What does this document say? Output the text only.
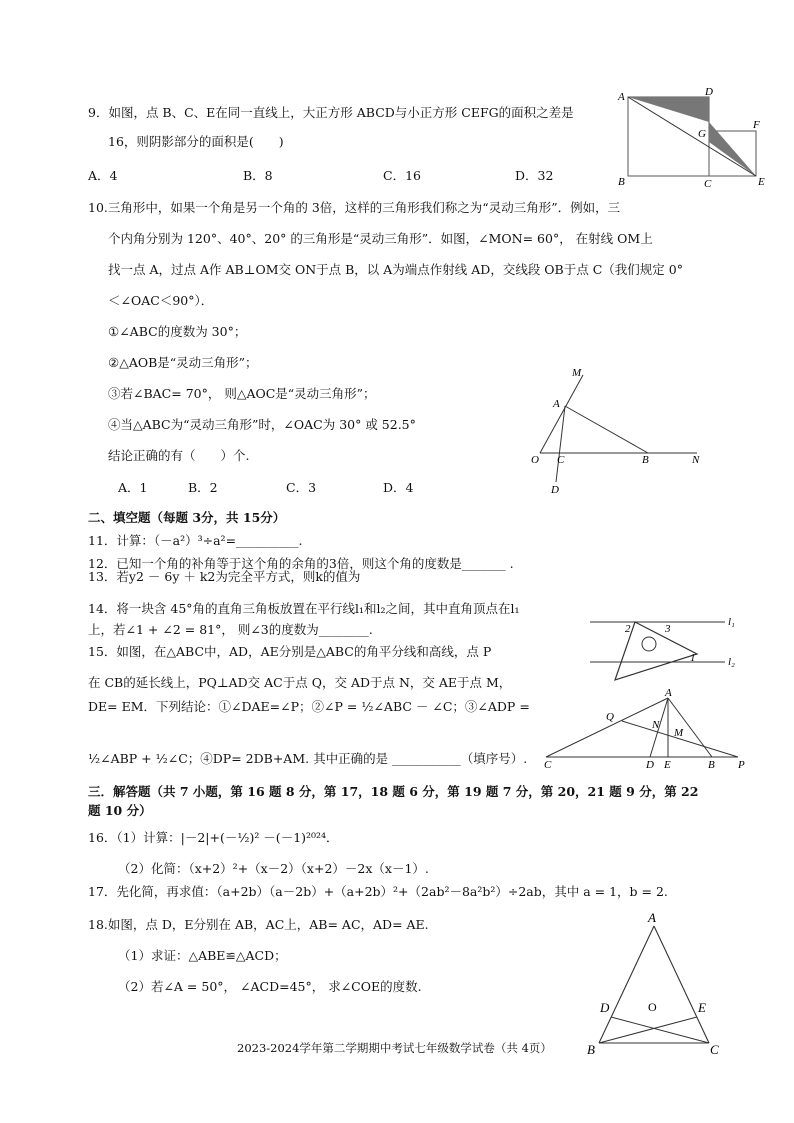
9．如图，点 B、C、E在同一直线上，大正方形 ABCD与小正方形 CEFG的面积之差是
16，则阴影部分的面积是(　　)
A．4	B．8	C．16	D．32
A	D
G
F
B	C	E
10.三角形中，如果一个角是另一个角的 3倍，这样的三角形我们称之为“灵动三角形”．例如，三
个内角分别为 120°、40°、20° 的三角形是“灵动三角形”．如图，∠MON= 60°， 在射线 OM上
找一点 A，过点 A作 AB⊥OM交 ON于点 B，以 A为端点作射线 AD，交线段 OB于点 C（我们规定 0°
＜∠OAC＜90°）．
①∠ABC的度数为 30°；
②△AOB是“灵动三角形”；
③若∠BAC= 70°， 则△AOC是“灵动三角形”；
④当△ABC为“灵动三角形”时，∠OAC为 30° 或 52.5°
结论正确的有（　　）个.
A．1	B．2	C．3	D．4
M
A
O C	B	N
D
二、填空题（每题 3分，共 15分）
11．计算：（－a²）³÷a²=__________.
12．已知一个角的补角等于这个角的余角的3倍，则这个角的度数是_______ .
13．若y2 － 6y ＋ k2为完全平方式，则k的值为
14．将一块含 45°角的直角三角板放置在平行线l₁和l₂之间，其中直角顶点在l₁
上，若∠1 + ∠2 = 81°， 则∠3的度数为________.	l₁
l₂
2	3
1
15．如图，在△ABC中，AD，AE分别是△ABC的角平分线和高线，点 P
在 CB的延长线上，PQ⊥AD交 AC于点 Q，交 AD于点 N，交 AE于点 M，
DE= EM．下列结论：①∠DAE=∠P；②∠P = ½∠ABC － ∠C；③∠ADP =
½∠ABP + ½∠C；④DP= 2DB+AM. 其中正确的是 ___________（填序号）.
A
Q
N
M
C	D E	B P
三．解答题（共 7 小题，第 16 题 8 分，第 17，18 题 6 分，第 19 题 7 分，第 20，21 题 9 分，第 22
题 10 分）
16．（1）计算：|－2|+(－½)² －(－1)²⁰²⁴．
（2）化简：（x+2）²+（x－2）（x+2）－2x（x－1）.
17．先化简，再求值：（a+2b）（a－2b）+（a+2b）²+（2ab²－8a²b²）÷2ab，其中 a = 1，b = 2.
18.如图，点 D，E分别在 AB，AC上，AB= AC，AD= AE.
（1）求证：△ABE≌△ACD；
（2）若∠A = 50°， ∠ACD=45°， 求∠COE的度数.
A
D	E
O
B	C
2023-2024学年第二学期期中考试七年级数学试卷（共 4页）
